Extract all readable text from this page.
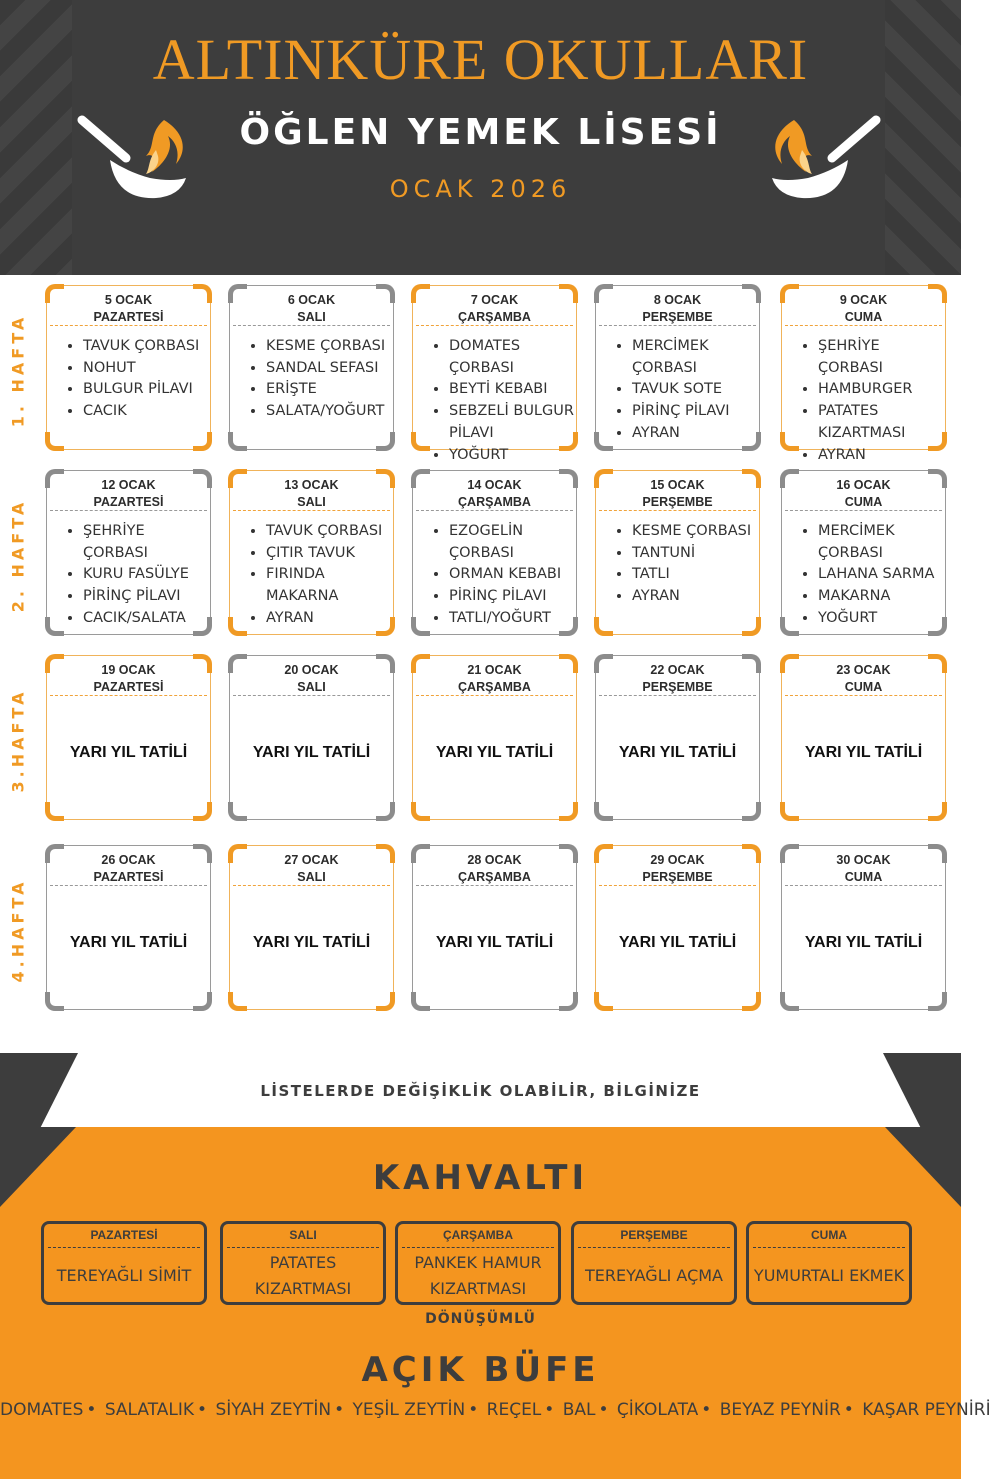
ALTINKÜRE OKULLARI
ÖĞLEN YEMEK LİSESİ
OCAK 2026
1. HAFTA
2. HAFTA
3.HAFTA
4.HAFTA
5 OCAK
PAZARTESİ
• TAVUK ÇORBASI
• NOHUT
• BULGUR PİLAVI
• CACIK
6 OCAK
SALI
• KESME ÇORBASI
• SANDAL SEFASI
• ERİŞTE
• SALATA/YOĞURT
7 OCAK
ÇARŞAMBA
• DOMATES ÇORBASI
• BEYTİ KEBABI
• SEBZELİ BULGUR PİLAVI
• YOĞURT
8 OCAK
PERŞEMBE
• MERCİMEK ÇORBASI
• TAVUK SOTE
• PİRİNÇ PİLAVI
• AYRAN
9 OCAK
CUMA
• ŞEHRİYE ÇORBASI
• HAMBURGER
• PATATES KIZARTMASI
• AYRAN
12 OCAK
PAZARTESİ
• ŞEHRİYE ÇORBASI
• KURU FASÜLYE
• PİRİNÇ PİLAVI
• CACIK/SALATA
13 OCAK
SALI
• TAVUK ÇORBASI
• ÇITIR TAVUK
• FIRINDA MAKARNA
• AYRAN
14 OCAK
ÇARŞAMBA
• EZOGELİN ÇORBASI
• ORMAN KEBABI
• PİRİNÇ PİLAVI
• TATLI/YOĞURT
15 OCAK
PERŞEMBE
• KESME ÇORBASI
• TANTUNİ
• TATLI
• AYRAN
16 OCAK
CUMA
• MERCİMEK ÇORBASI
• LAHANA SARMA
• MAKARNA
• YOĞURT
19 OCAK
PAZARTESİ
YARI YIL TATİLİ
20 OCAK
SALI
YARI YIL TATİLİ
21 OCAK
ÇARŞAMBA
YARI YIL TATİLİ
22 OCAK
PERŞEMBE
YARI YIL TATİLİ
23 OCAK
CUMA
YARI YIL TATİLİ
26 OCAK
PAZARTESİ
YARI YIL TATİLİ
27 OCAK
SALI
YARI YIL TATİLİ
28 OCAK
ÇARŞAMBA
YARI YIL TATİLİ
29 OCAK
PERŞEMBE
YARI YIL TATİLİ
30 OCAK
CUMA
YARI YIL TATİLİ
LİSTELERDE DEĞİŞİKLİK OLABİLİR, BİLGİNİZE
KAHVALTI
PAZARTESİ
TEREYAĞLI SİMİT
SALI
PATATES KIZARTMASI
ÇARŞAMBA
PANKEK HAMUR KIZARTMASI
PERŞEMBE
TEREYAĞLI AÇMA
CUMA
YUMURTALI EKMEK
DÖNÜŞÜMLÜ
AÇIK BÜFE
DOMATES • SALATALIK • SİYAH ZEYTİN • YEŞİL ZEYTİN • REÇEL • BAL • ÇİKOLATA • BEYAZ PEYNİR • KAŞAR PEYNİRİ
